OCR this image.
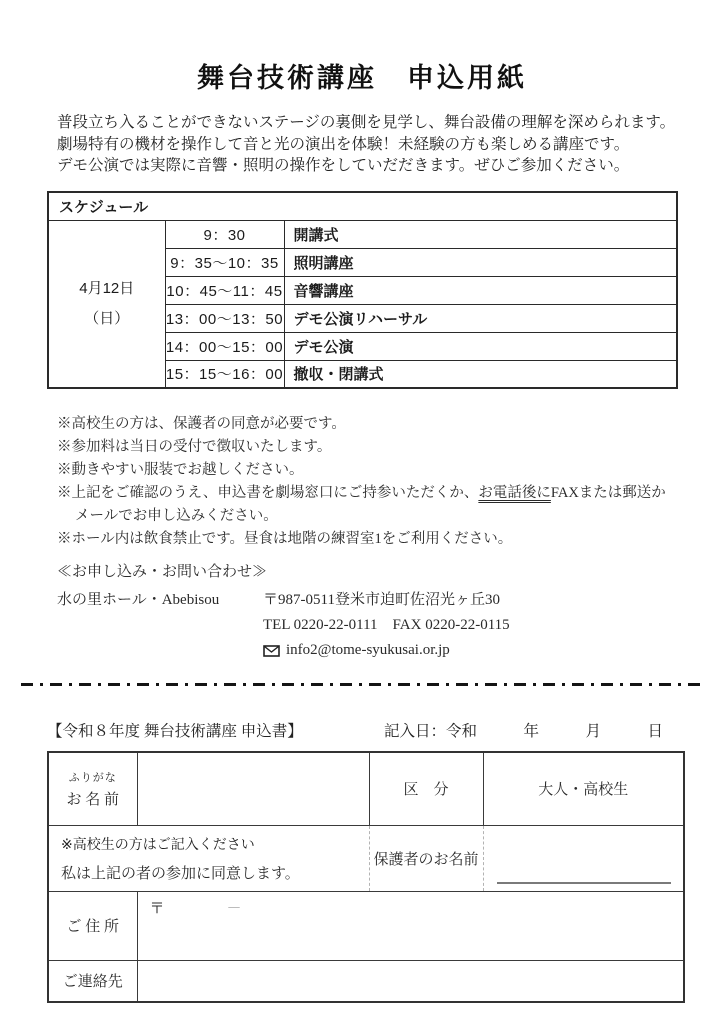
舞台技術講座　申込用紙
普段立ち入ることができないステージの裏側を見学し、舞台設備の理解を深められます。
劇場特有の機材を操作して音と光の演出を体験！未経験の方も楽しめる講座です。
デモ公演では実際に音響・照明の操作をしていだだきます。ぜひご参加ください。
スケジュール		

4月12日
（日）	9：30	開講式
	9：35～10：35	照明講座
	10：45～11：45	音響講座
	13：00～13：50	デモ公演リハーサル
	14：00～15：00	デモ公演
	15：15～16：00	撤収・閉講式
※高校生の方は、保護者の同意が必要です。
※参加料は当日の受付で徴収いたします。
※動きやすい服装でお越しください。
※上記をご確認のうえ、申込書を劇場窓口にご持参いただくか、お電話後にFAXまたは郵送か
メールでお申し込みください。
※ホール内は飲食禁止です。昼食は地階の練習室1をご利用ください。
≪お申し込み・お問い合わせ≫
水の里ホール・Abebisou	〒987-0511登米市迫町佐沼光ヶ丘30
TEL 0220-22-0111　FAX 0220-22-0115
info2@tome-syukusai.or.jp
【令和８年度 舞台技術講座 申込書】	記入日：令和　　　年　　　月　　　日
ふりがな
お 名 前		区　分	大人・高校生

※高校生の方はご記入ください
私は上記の者の参加に同意します。		保護者のお名前	

ご 住 所	〒 －		
ご連絡先			
